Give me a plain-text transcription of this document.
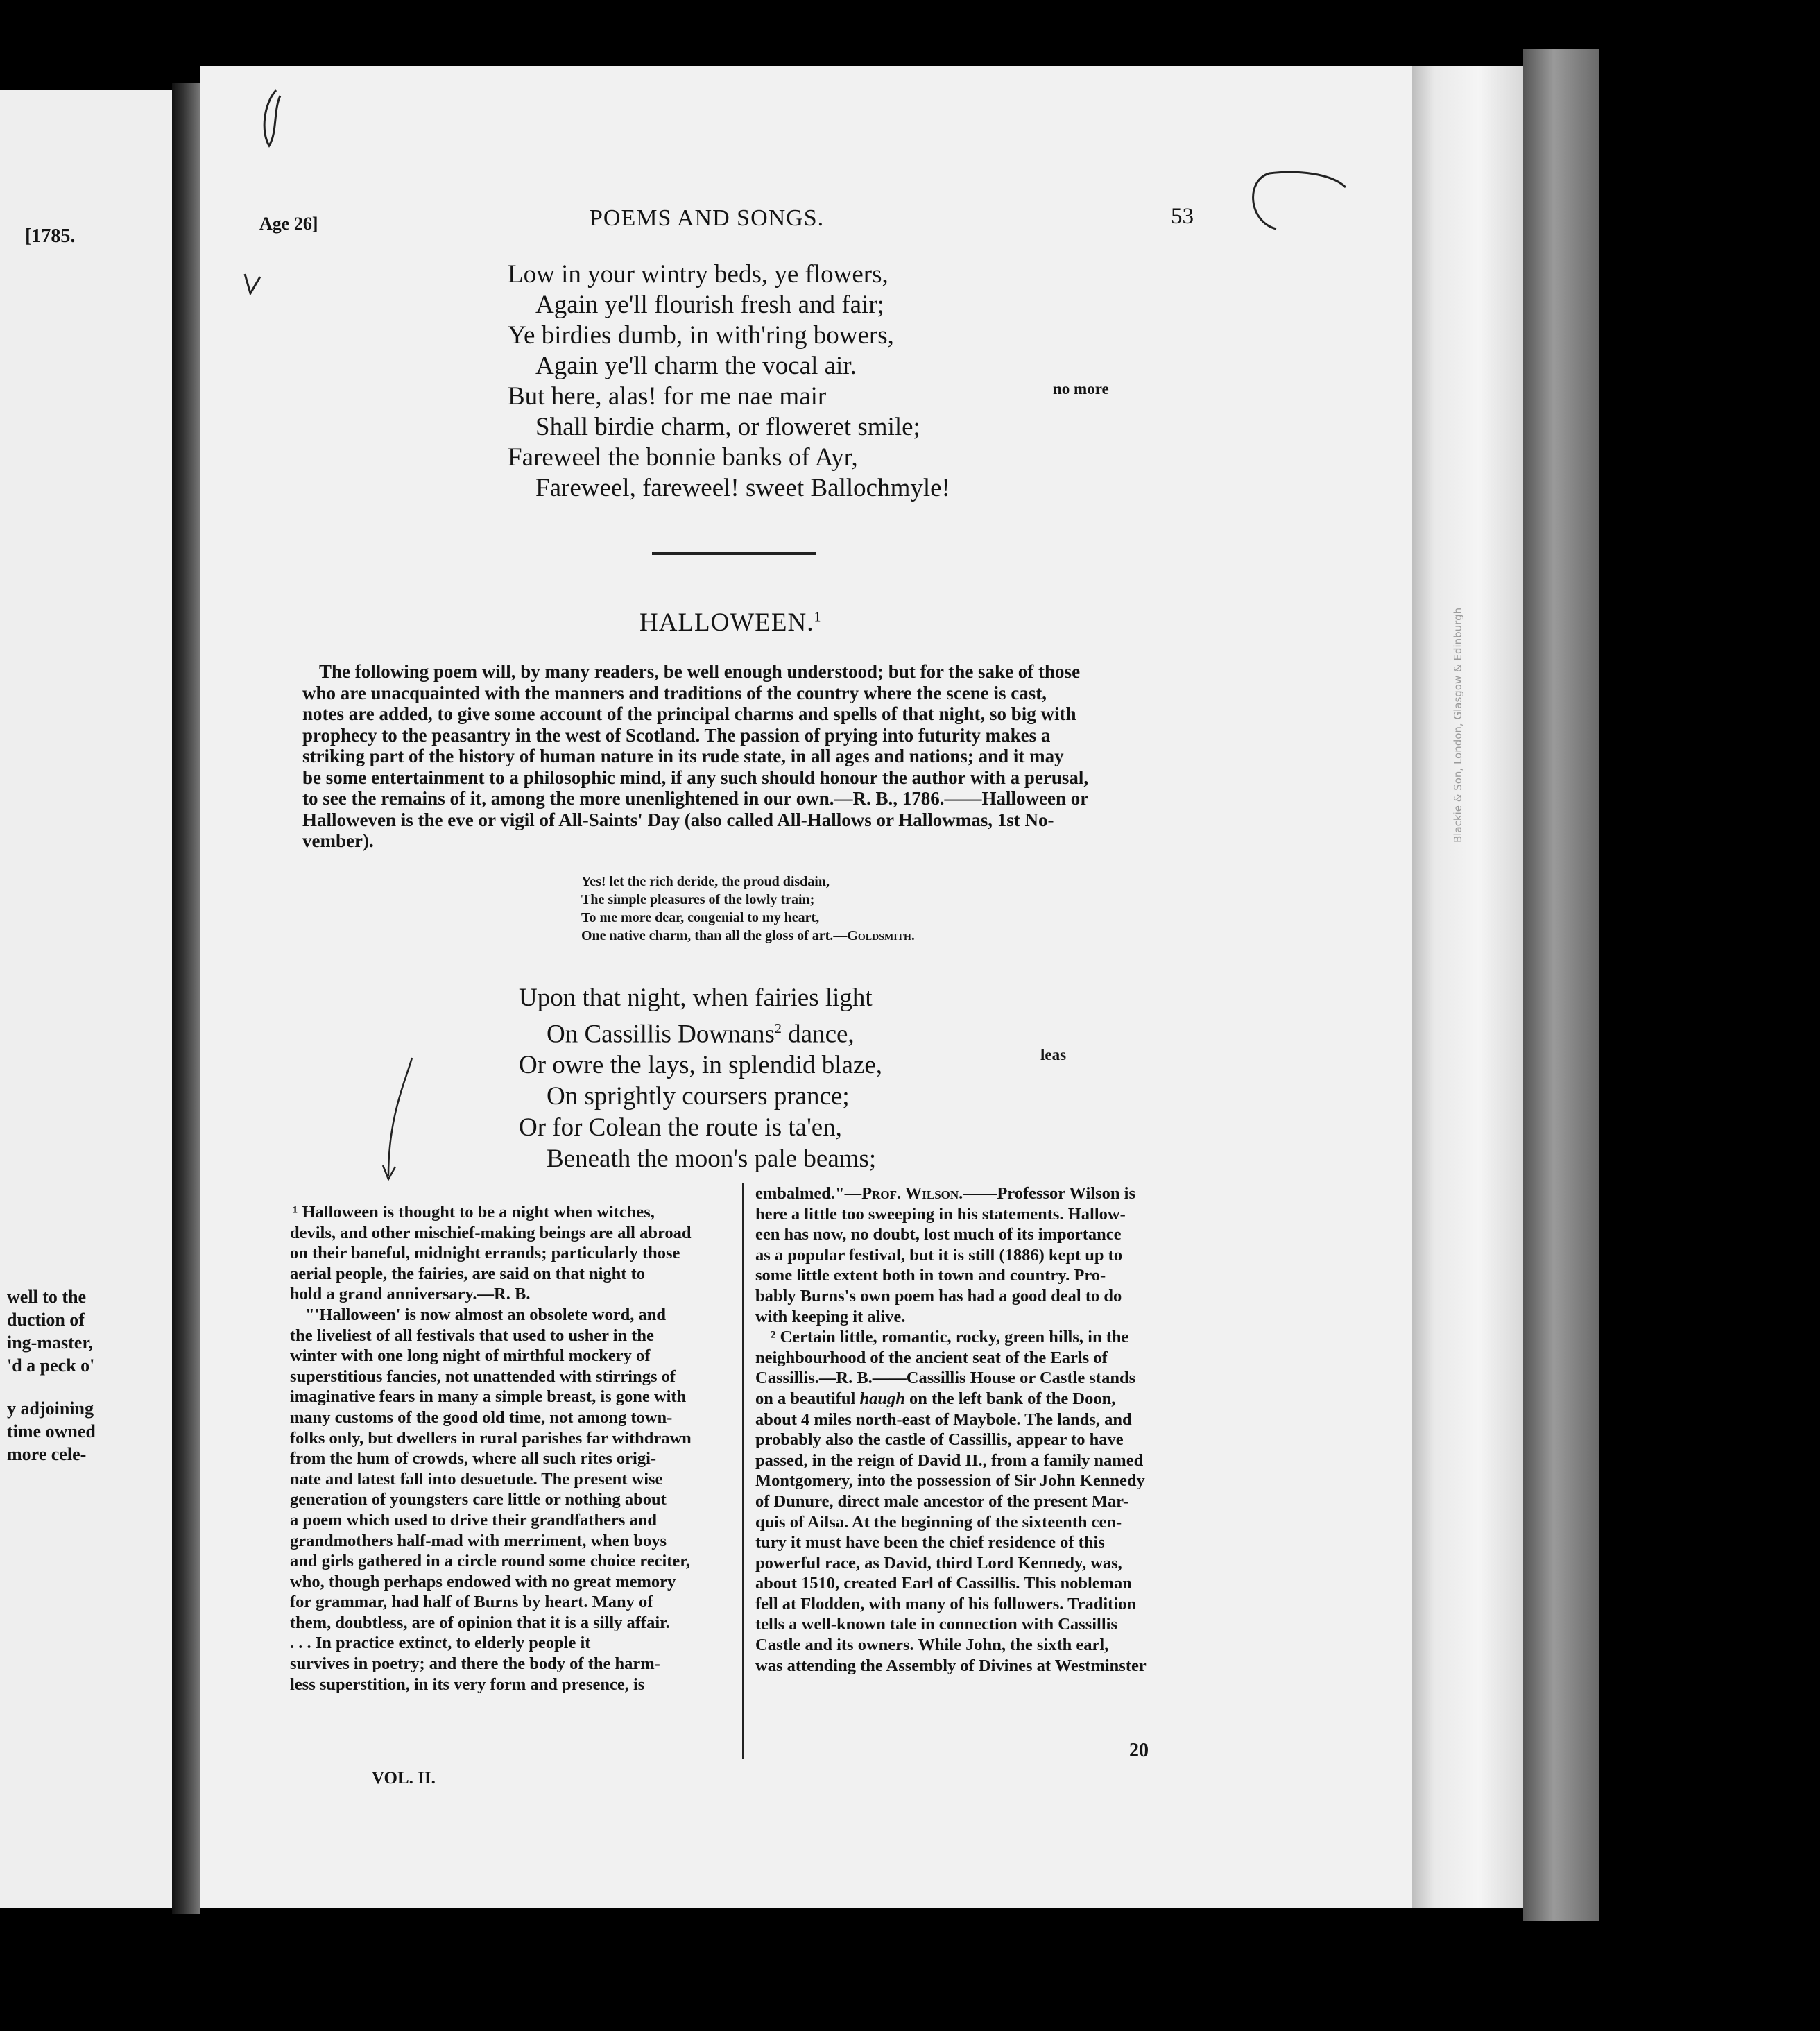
[1785.
well to the
duction of
ing-master,
'd a peck o'
y adjoining
time owned
more cele-
Blackie & Son, London, Glasgow & Edinburgh
Age 26]	POEMS AND SONGS.	53
Low in your wintry beds, ye flowers,
Again ye'll flourish fresh and fair;
Ye birdies dumb, in with'ring bowers,
Again ye'll charm the vocal air.
But here, alas! for me nae mair
Shall birdie charm, or floweret smile;
Fareweel the bonnie banks of Ayr,
Fareweel, fareweel! sweet Ballochmyle!
no more
HALLOWEEN.$^1$
The following poem will, by many readers, be well enough understood; but for the sake of those
who are unacquainted with the manners and traditions of the country where the scene is cast,
notes are added, to give some account of the principal charms and spells of that night, so big with
prophecy to the peasantry in the west of Scotland. The passion of prying into futurity makes a
striking part of the history of human nature in its rude state, in all ages and nations; and it may
be some entertainment to a philosophic mind, if any such should honour the author with a perusal,
to see the remains of it, among the more unenlightened in our own.—R. B., 1786.——Halloween or
Halloweven is the eve or vigil of All-Saints' Day (also called All-Hallows or Hallowmas, 1st No-
vember).
Yes! let the rich deride, the proud disdain,
The simple pleasures of the lowly train;
To me more dear, congenial to my heart,
One native charm, than all the gloss of art.—Goldsmith.
Upon that night, when fairies light
On Cassillis Downans$^2$ dance,
Or owre the lays, in splendid blaze,
On sprightly coursers prance;
Or for Colean the route is ta'en,
Beneath the moon's pale beams;
leas
¹ Halloween is thought to be a night when witches,
devils, and other mischief-making beings are all abroad
on their baneful, midnight errands; particularly those
aerial people, the fairies, are said on that night to
hold a grand anniversary.—R. B.
"'Halloween' is now almost an obsolete word, and
the liveliest of all festivals that used to usher in the
winter with one long night of mirthful mockery of
superstitious fancies, not unattended with stirrings of
imaginative fears in many a simple breast, is gone with
many customs of the good old time, not among town-
folks only, but dwellers in rural parishes far withdrawn
from the hum of crowds, where all such rites origi-
nate and latest fall into desuetude. The present wise
generation of youngsters care little or nothing about
a poem which used to drive their grandfathers and
grandmothers half-mad with merriment, when boys
and girls gathered in a circle round some choice reciter,
who, though perhaps endowed with no great memory
for grammar, had half of Burns by heart. Many of
them, doubtless, are of opinion that it is a silly affair.
. . . In practice extinct, to elderly people it
survives in poetry; and there the body of the harm-
less superstition, in its very form and presence, is
embalmed."—Prof. Wilson.——Professor Wilson is
here a little too sweeping in his statements. Hallow-
een has now, no doubt, lost much of its importance
as a popular festival, but it is still (1886) kept up to
some little extent both in town and country. Pro-
bably Burns's own poem has had a good deal to do
with keeping it alive.
² Certain little, romantic, rocky, green hills, in the
neighbourhood of the ancient seat of the Earls of
Cassillis.—R. B.——Cassillis House or Castle stands
on a beautiful haugh on the left bank of the Doon,
about 4 miles north-east of Maybole. The lands, and
probably also the castle of Cassillis, appear to have
passed, in the reign of David II., from a family named
Montgomery, into the possession of Sir John Kennedy
of Dunure, direct male ancestor of the present Mar-
quis of Ailsa. At the beginning of the sixteenth cen-
tury it must have been the chief residence of this
powerful race, as David, third Lord Kennedy, was,
about 1510, created Earl of Cassillis. This nobleman
fell at Flodden, with many of his followers. Tradition
tells a well-known tale in connection with Cassillis
Castle and its owners. While John, the sixth earl,
was attending the Assembly of Divines at Westminster
VOL. II.
20
